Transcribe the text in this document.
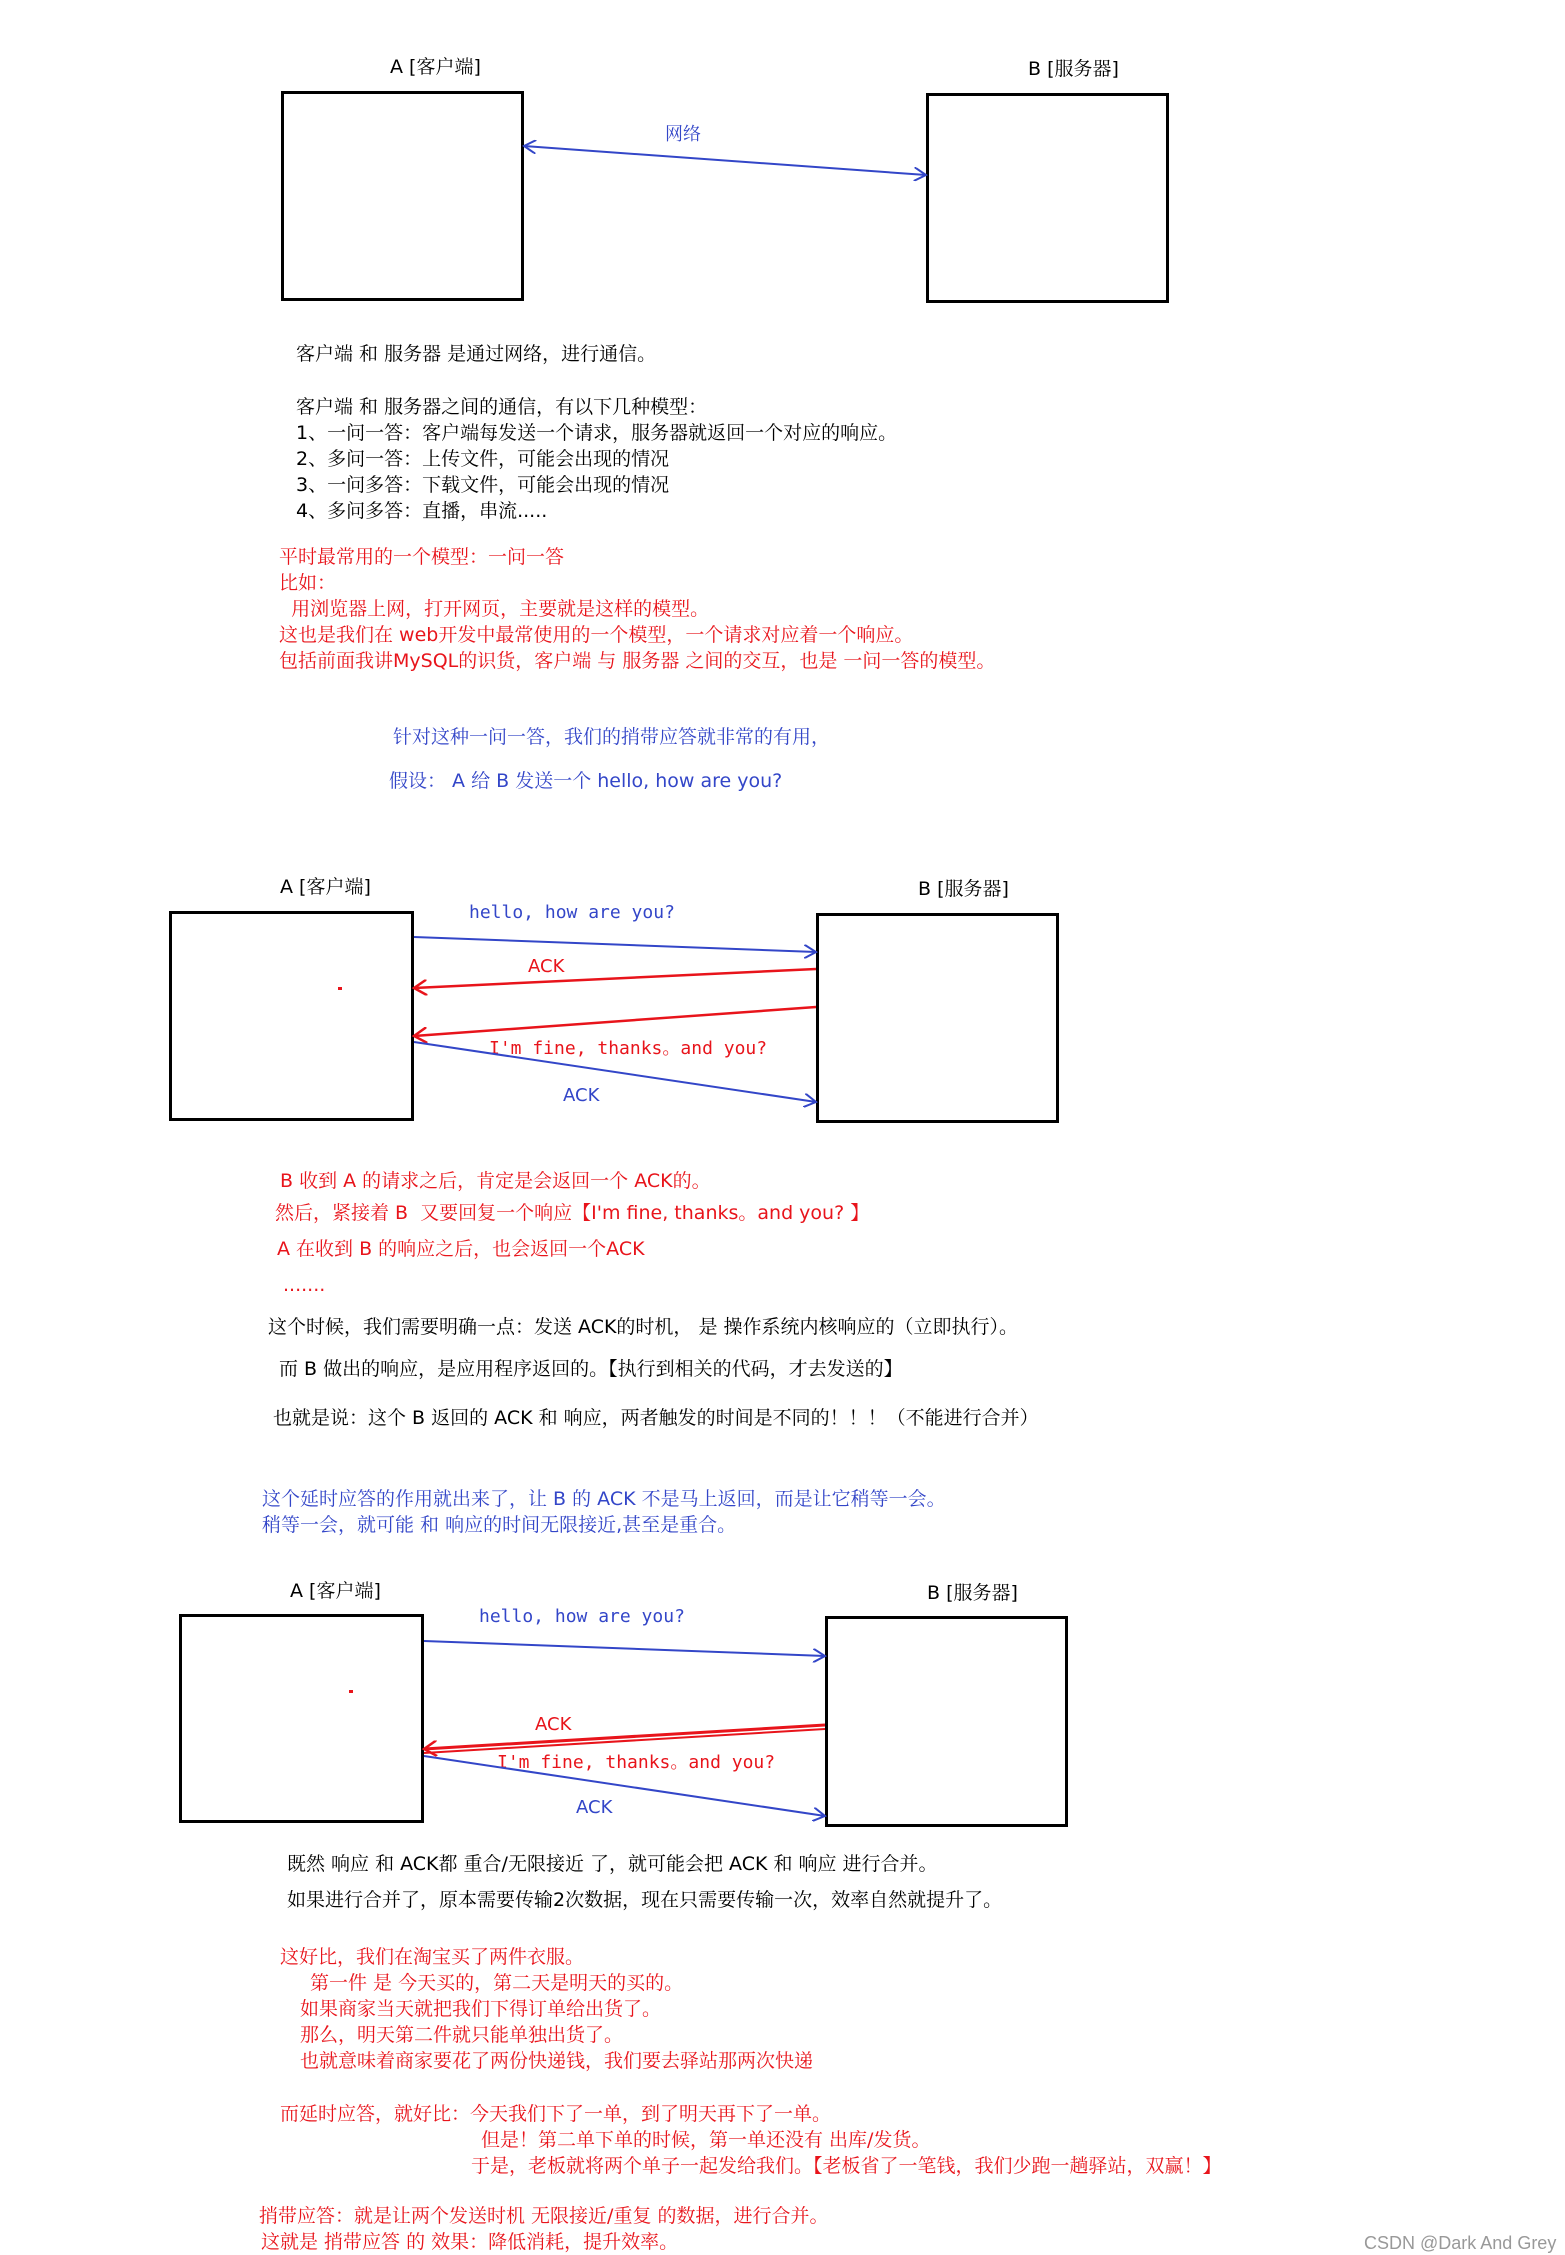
A [客户端]	B [服务器]
网络
客户端 和 服务器 是通过网络，进行通信。
客户端 和 服务器之间的通信，有以下几种模型：
1、一问一答：客户端每发送一个请求，服务器就返回一个对应的响应。
2、多问一答：上传文件，可能会出现的情况
3、一问多答：下载文件，可能会出现的情况
4、多问多答：直播，串流.....
平时最常用的一个模型：一问一答
比如：
用浏览器上网，打开网页，主要就是这样的模型。
这也是我们在 web开发中最常使用的一个模型，一个请求对应着一个响应。
包括前面我讲MySQL的识货，客户端 与 服务器 之间的交互，也是 一问一答的模型。
针对这种一问一答，我们的捎带应答就非常的有用，
假设： A 给 B 发送一个 hello, how are you?
A [客户端]	B [服务器]
hello, how are you?
ACK
I'm fine, thanks。and you?
ACK
B 收到 A 的请求之后，肯定是会返回一个 ACK的。
然后，紧接着 B  又要回复一个响应【I'm fine, thanks。and you? 】
A 在收到 B 的响应之后，也会返回一个ACK
.......
这个时候，我们需要明确一点：发送 ACK的时机， 是 操作系统内核响应的（立即执行）。
而 B 做出的响应，是应用程序返回的。【执行到相关的代码，才去发送的】
也就是说：这个 B 返回的 ACK 和 响应，两者触发的时间是不同的！！！（不能进行合并）
这个延时应答的作用就出来了，让 B 的 ACK 不是马上返回，而是让它稍等一会。
稍等一会，就可能 和 响应的时间无限接近,甚至是重合。
A [客户端]	B [服务器]
hello, how are you?
ACK
I'm fine, thanks。and you?
ACK
既然 响应 和 ACK都 重合/无限接近 了，就可能会把 ACK 和 响应 进行合并。
如果进行合并了，原本需要传输2次数据，现在只需要传输一次，效率自然就提升了。
这好比，我们在淘宝买了两件衣服。
第一件 是 今天买的，第二天是明天的买的。
如果商家当天就把我们下得订单给出货了。
那么，明天第二件就只能单独出货了。
也就意味着商家要花了两份快递钱，我们要去驿站那两次快递
而延时应答，就好比：今天我们下了一单，到了明天再下了一单。
但是！第二单下单的时候，第一单还没有 出库/发货。
于是，老板就将两个单子一起发给我们。【老板省了一笔钱，我们少跑一趟驿站，双赢！】
捎带应答：就是让两个发送时机 无限接近/重复 的数据，进行合并。
这就是 捎带应答 的 效果：降低消耗，提升效率。	CSDN @Dark And Grey
